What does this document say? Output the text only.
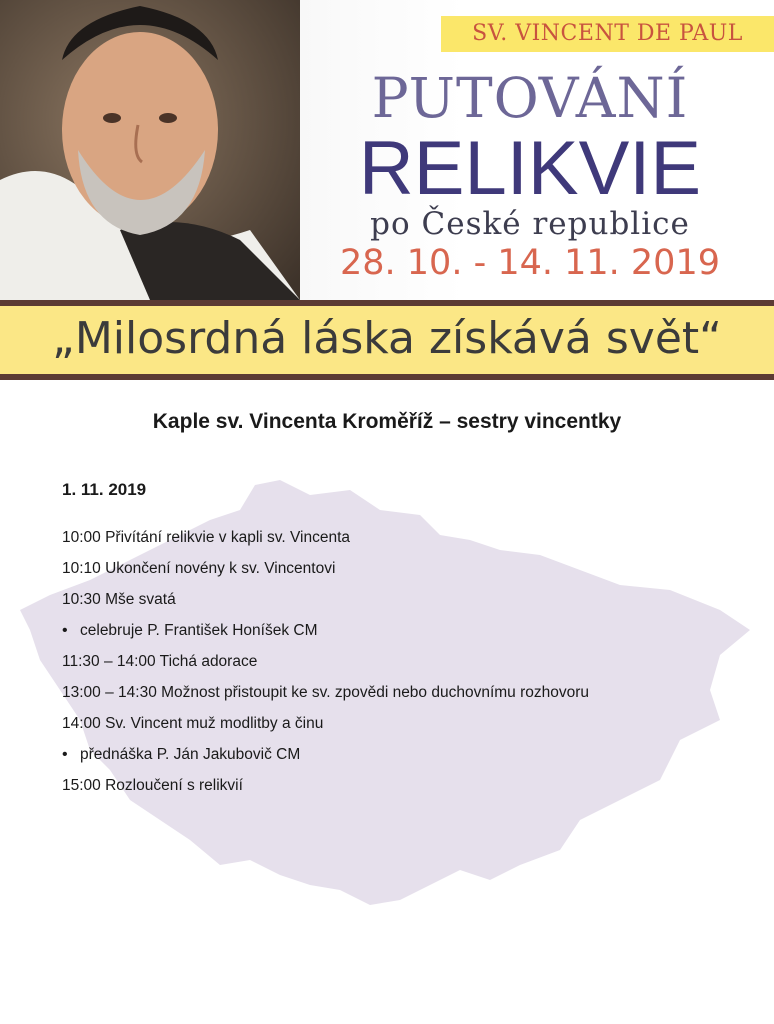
SV. VINCENT DE PAUL
PUTOVÁNÍ
RELIKVIE
po České republice
28. 10. - 14. 11. 2019
„Milosrdná láska získává svět“
Kaple sv. Vincenta Kroměříž – sestry vincentky
1. 11. 2019
10:00 Přivítání relikvie v kapli sv. Vincenta
10:10 Ukončení novény k sv. Vincentovi
10:30 Mše svatá
• celebruje P. František Honíšek CM
11:30 – 14:00 Tichá adorace
13:00 – 14:30 Možnost přistoupit ke sv. zpovědi nebo duchovnímu rozhovoru
14:00 Sv. Vincent muž modlitby a činu
• přednáška P. Ján Jakubovič CM
15:00 Rozloučení s relikvií
